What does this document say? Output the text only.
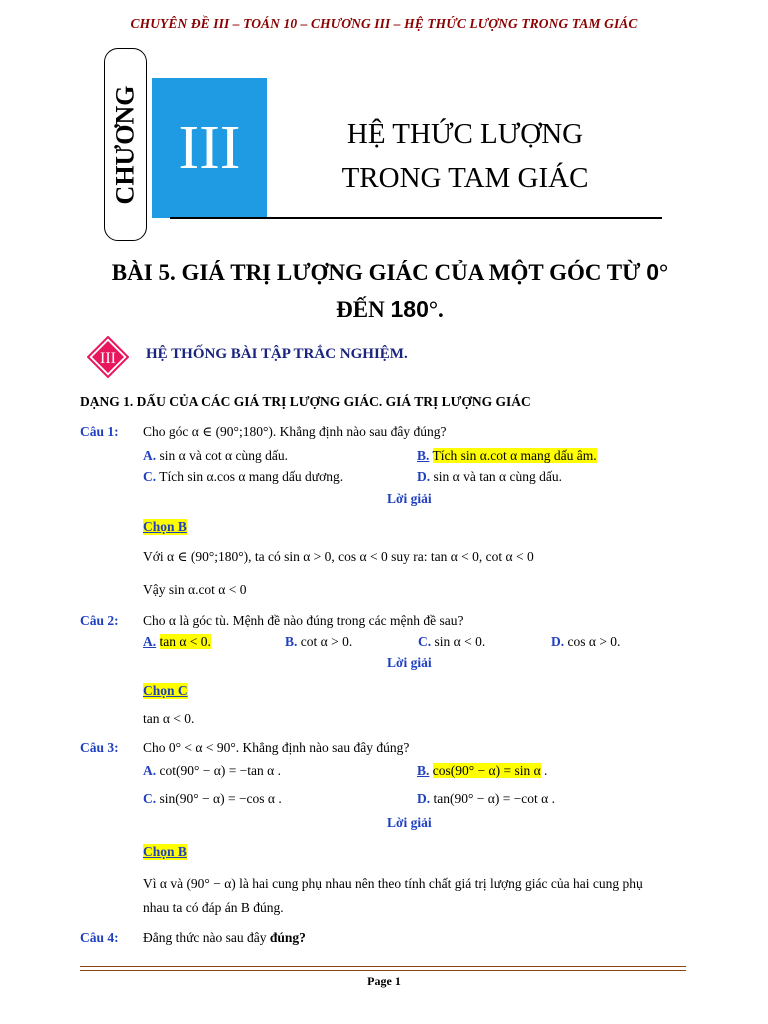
CHUYÊN ĐỀ III – TOÁN 10 – CHƯƠNG III – HỆ THỨC LƯỢNG TRONG TAM GIÁC
CHƯƠNG III	HỆ THỨC LƯỢNG
TRONG TAM GIÁC
BÀI 5. GIÁ TRỊ LƯỢNG GIÁC CỦA MỘT GÓC TỪ 0°
ĐẾN 180°.
III HỆ THỐNG BÀI TẬP TRẮC NGHIỆM.
DẠNG 1. DẤU CỦA CÁC GIÁ TRỊ LƯỢNG GIÁC. GIÁ TRỊ LƯỢNG GIÁC
Câu 1: Cho góc α ∈ (90°;180°). Khẳng định nào sau đây đúng?
A. sin α và cot α cùng dấu.	B. Tích sin α.cot α mang dấu âm.
C. Tích sin α.cos α mang dấu dương.	D. sin α và tan α cùng dấu.
Lời giải
Chọn B
Với α ∈ (90°;180°), ta có sin α > 0, cos α < 0 suy ra: tan α < 0, cot α < 0
Vậy sin α.cot α < 0
Câu 2: Cho α là góc tù. Mệnh đề nào đúng trong các mệnh đề sau?
A. tan α < 0.	B. cot α > 0.	C. sin α < 0.	D. cos α > 0.
Lời giải
Chọn C
tan α < 0.
Câu 3: Cho 0° < α < 90°. Khẳng định nào sau đây đúng?
A. cot(90° − α) = −tan α .	B. cos(90° − α) = sin α .
C. sin(90° − α) = −cos α .	D. tan(90° − α) = −cot α .
Lời giải
Chọn B
Vì α và (90° − α) là hai cung phụ nhau nên theo tính chất giá trị lượng giác của hai cung phụ
nhau ta có đáp án B đúng.
Câu 4: Đẳng thức nào sau đây đúng?
Page 1
